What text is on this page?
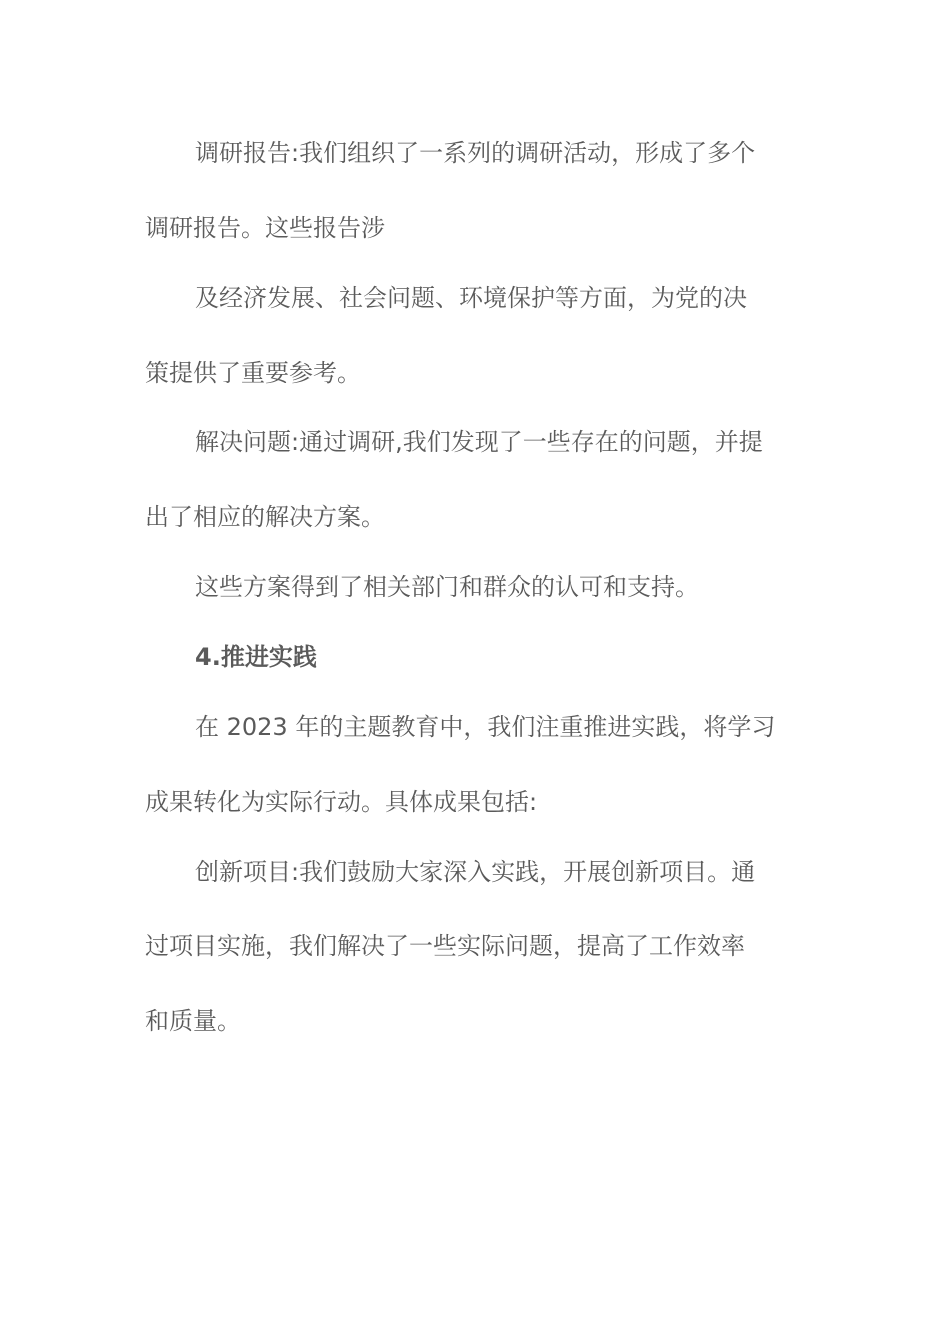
调研报告:我们组织了一系列的调研活动，形成了多个
调研报告。这些报告涉
及经济发展、社会问题、环境保护等方面，为党的决
策提供了重要参考。
解决问题:通过调研,我们发现了一些存在的问题，并提
出了相应的解决方案。
这些方案得到了相关部门和群众的认可和支持。
4.推进实践
在 2023 年的主题教育中，我们注重推进实践，将学习
成果转化为实际行动。具体成果包括:
创新项目:我们鼓励大家深入实践，开展创新项目。通
过项目实施，我们解决了一些实际问题，提高了工作效率
和质量。
